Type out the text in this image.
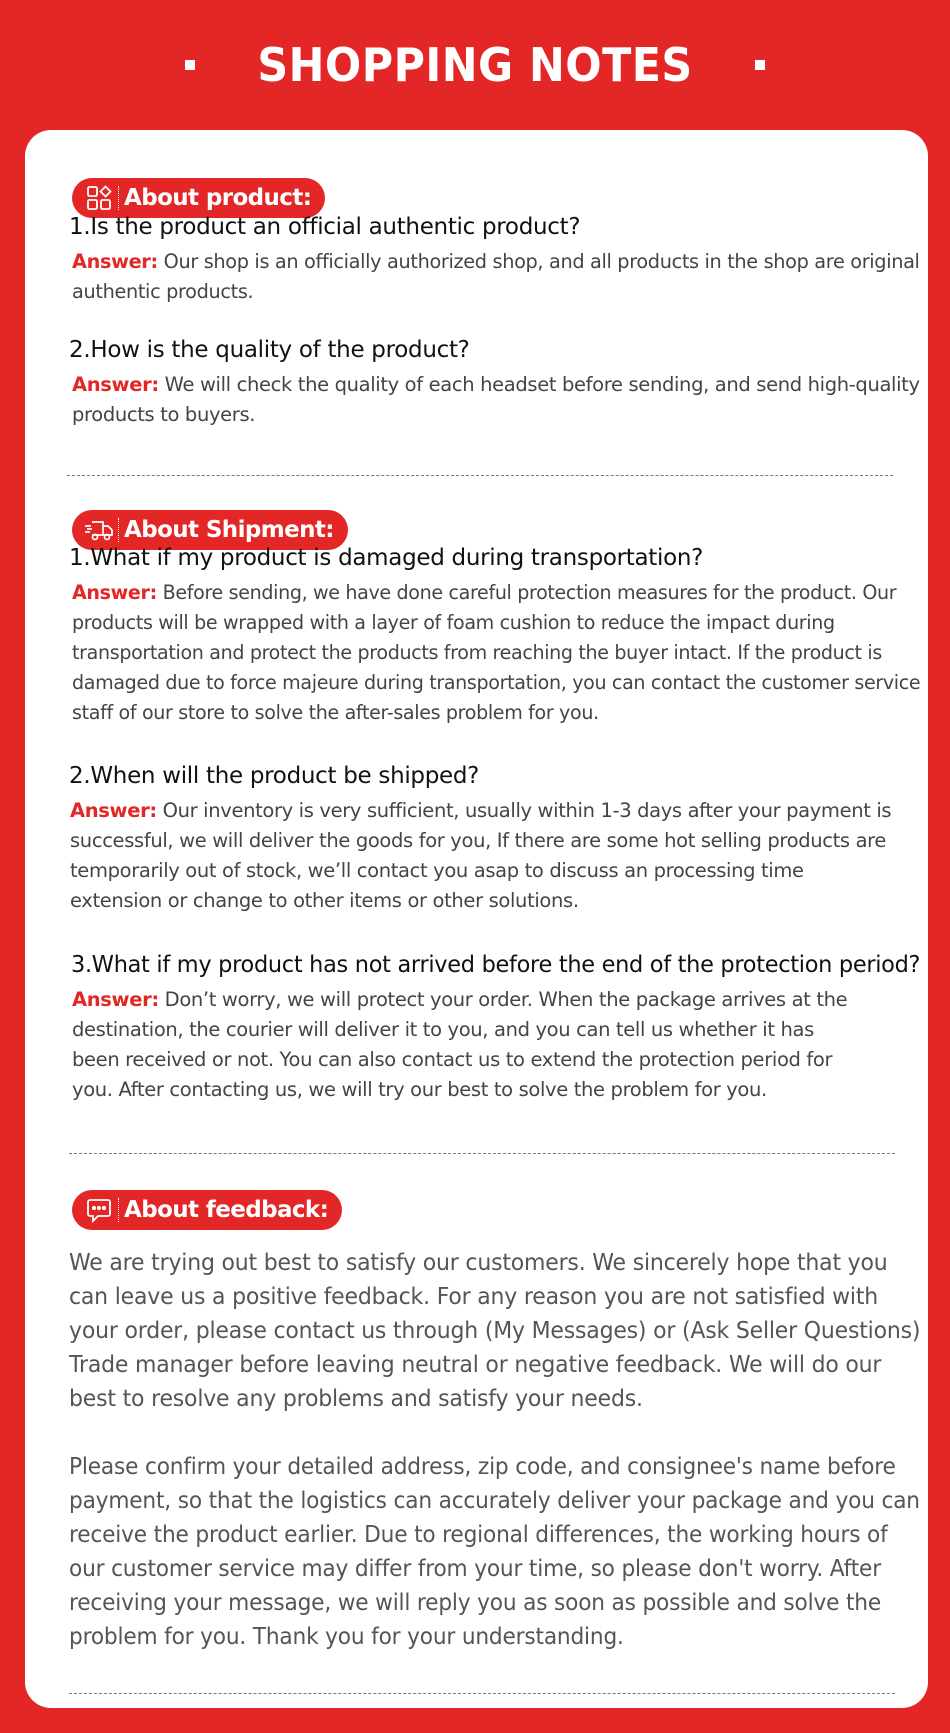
SHOPPING NOTES
About product:
1.Is the product an official authentic product?
Answer: Our shop is an officially authorized shop, and all products in the shop are original
authentic products.
2.How is the quality of the product?
Answer: We will check the quality of each headset before sending, and send high-quality
products to buyers.
About Shipment:
1.What if my product is damaged during transportation?
Answer: Before sending, we have done careful protection measures for the product. Our
products will be wrapped with a layer of foam cushion to reduce the impact during
transportation and protect the products from reaching the buyer intact. If the product is
damaged due to force majeure during transportation, you can contact the customer service
staff of our store to solve the after-sales problem for you.
2.When will the product be shipped?
Answer: Our inventory is very sufficient, usually within 1-3 days after your payment is
successful, we will deliver the goods for you, If there are some hot selling products are
temporarily out of stock, we’ll contact you asap to discuss an processing time
extension or change to other items or other solutions.
3.What if my product has not arrived before the end of the protection period?
Answer: Don’t worry, we will protect your order. When the package arrives at the
destination, the courier will deliver it to you, and you can tell us whether it has
been received or not. You can also contact us to extend the protection period for
you. After contacting us, we will try our best to solve the problem for you.
About feedback:
We are trying out best to satisfy our customers. We sincerely hope that you
can leave us a positive feedback. For any reason you are not satisfied with
your order, please contact us through (My Messages) or (Ask Seller Questions)
Trade manager before leaving neutral or negative feedback. We will do our
best to resolve any problems and satisfy your needs.
Please confirm your detailed address, zip code, and consignee's name before
payment, so that the logistics can accurately deliver your package and you can
receive the product earlier. Due to regional differences, the working hours of
our customer service may differ from your time, so please don't worry. After
receiving your message, we will reply you as soon as possible and solve the
problem for you. Thank you for your understanding.
